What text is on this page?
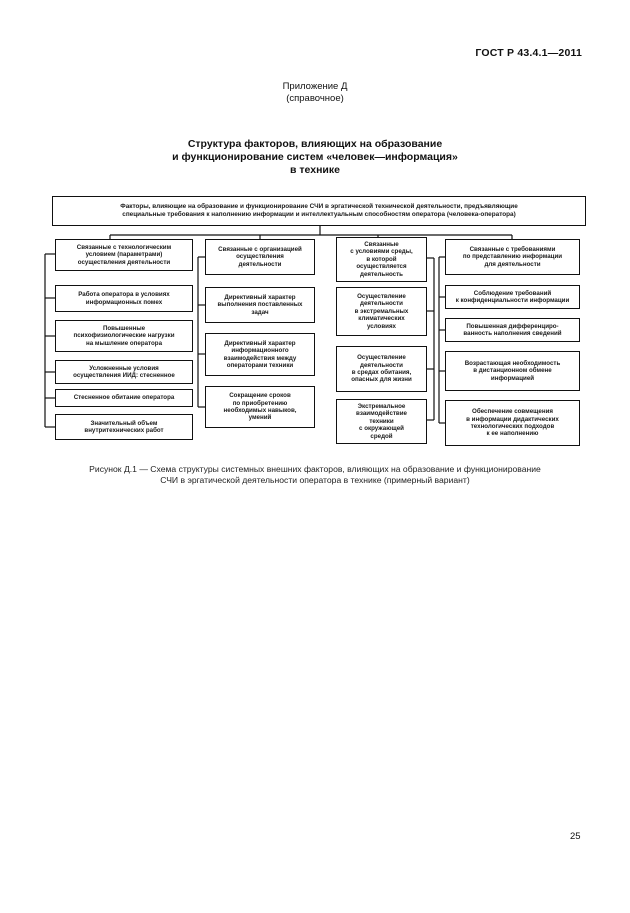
ГОСТ Р 43.4.1—2011
Приложение Д
(справочное)
Структура факторов, влияющих на образование
и функционирование систем «человек—информация»
в технике
Факторы, влияющие на образование и функционирование СЧИ в эргатической технической деятельности, предъявляющие
специальные требования к наполнению информации и интеллектуальным способностям оператора (человека-оператора)
Связанные с технологическим
условием (параметрами)
осуществления деятельности
Работа оператора в условиях
информационных помех
Повышенные
психофизиологические нагрузки
на мышление оператора
Усложненные условия
осуществления ИИД: стесненное
Стесненное обитание оператора
Значительный объем
внутритехнических работ
Связанные с организацией
осуществления
деятельности
Директивный характер
выполнения поставленных
задач
Директивный характер
информационного
взаимодействия между
операторами техники
Сокращение сроков
по приобретению
необходимых навыков,
умений
Связанные
с условиями среды,
в которой
осуществляется
деятельность
Осуществление
деятельности
в экстремальных
климатических
условиях
Осуществление
деятельности
в средах обитания,
опасных для жизни
Экстремальное
взаимодействие
техники
с окружающей
средой
Связанные с требованиями
по представлению информации
для деятельности
Соблюдение требований
к конфиденциальности информации
Повышенная дифференциро-
ванность наполнения сведений
Возрастающая необходимость
в дистанционном обмене
информацией
Обеспечение совмещения
в информации дидактических
технологических подходов
к ее наполнению
Рисунок Д.1 — Схема структуры системных внешних факторов, влияющих на образование и функционирование
СЧИ в эргатической деятельности оператора в технике (примерный вариант)
25
